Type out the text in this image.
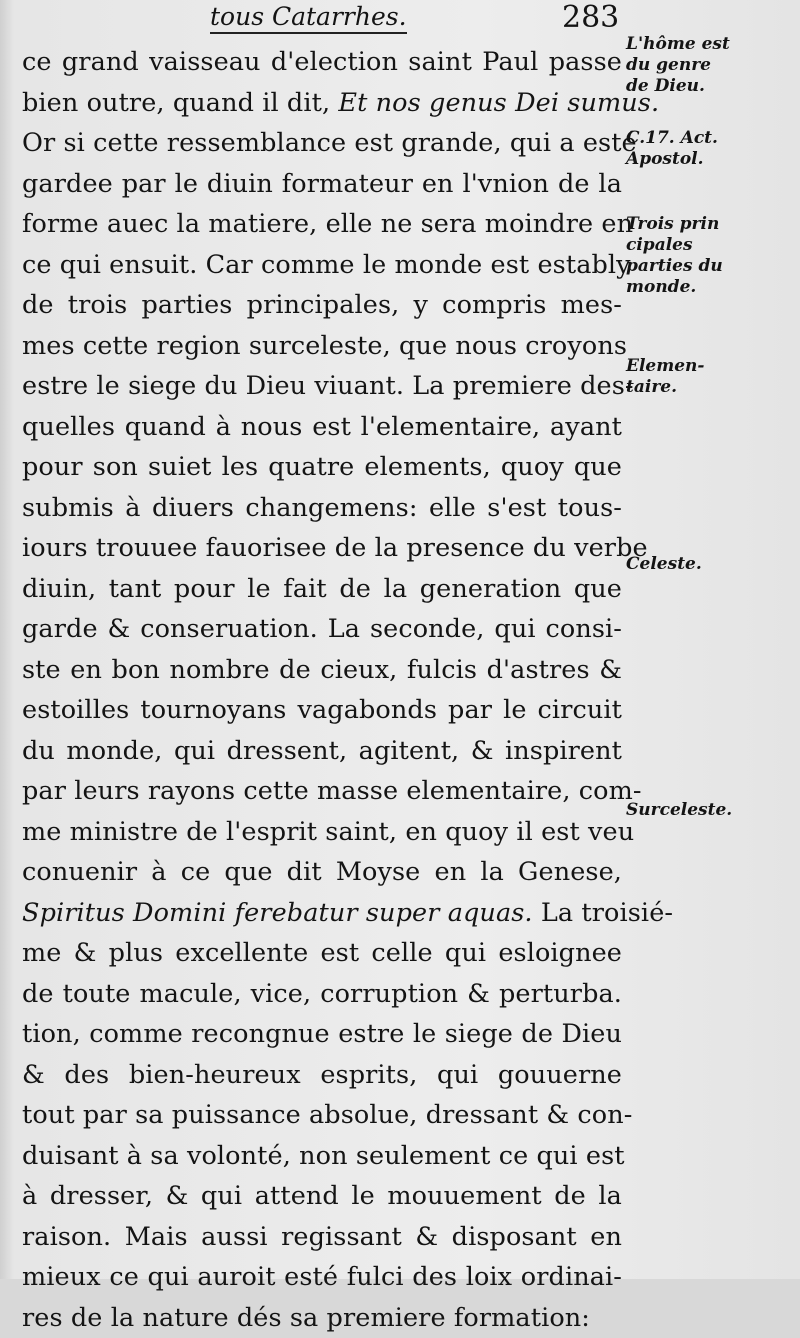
tous Catarrhes.	283
ce grand vaisseau d'election saint Paul passe
bien outre, quand il dit, Et nos genus Dei sumus.
Or si cette ressemblance est grande, qui a esté
gardee par le diuin formateur en l'vnion de la
forme auec la matiere, elle ne sera moindre en
ce qui ensuit. Car comme le monde est estably
de trois parties principales, y compris mes-
mes cette region surceleste, que nous croyons
estre le siege du Dieu viuant. La premiere des-
quelles quand à nous est l'elementaire, ayant
pour son suiet les quatre elements, quoy que
submis à diuers changemens: elle s'est tous-
iours trouuee fauorisee de la presence du verbe
diuin, tant pour le fait de la generation que
garde & conseruation. La seconde, qui consi-
ste en bon nombre de cieux, fulcis d'astres &
estoilles tournoyans vagabonds par le circuit
du monde, qui dressent, agitent, & inspirent
par leurs rayons cette masse elementaire, com-
me ministre de l'esprit saint, en quoy il est veu
conuenir à ce que dit Moyse en la Genese,
Spiritus Domini ferebatur super aquas. La troisié-
me & plus excellente est celle qui esloignee
de toute macule, vice, corruption & perturba.
tion, comme recongnue estre le siege de Dieu
& des bien-heureux esprits, qui gouuerne
tout par sa puissance absolue, dressant & con-
duisant à sa volonté, non seulement ce qui est
à dresser, & qui attend le mouuement de la
raison. Mais aussi regissant & disposant en
mieux ce qui auroit esté fulci des loix ordinai-
res de la nature dés sa premiere formation:
L'hôme est
du genre
de Dieu.
C.17. Act.
Apostol.
Trois prin
cipales
parties du
monde.
Elemen-
taire.
Celeste.
Surceleste.
